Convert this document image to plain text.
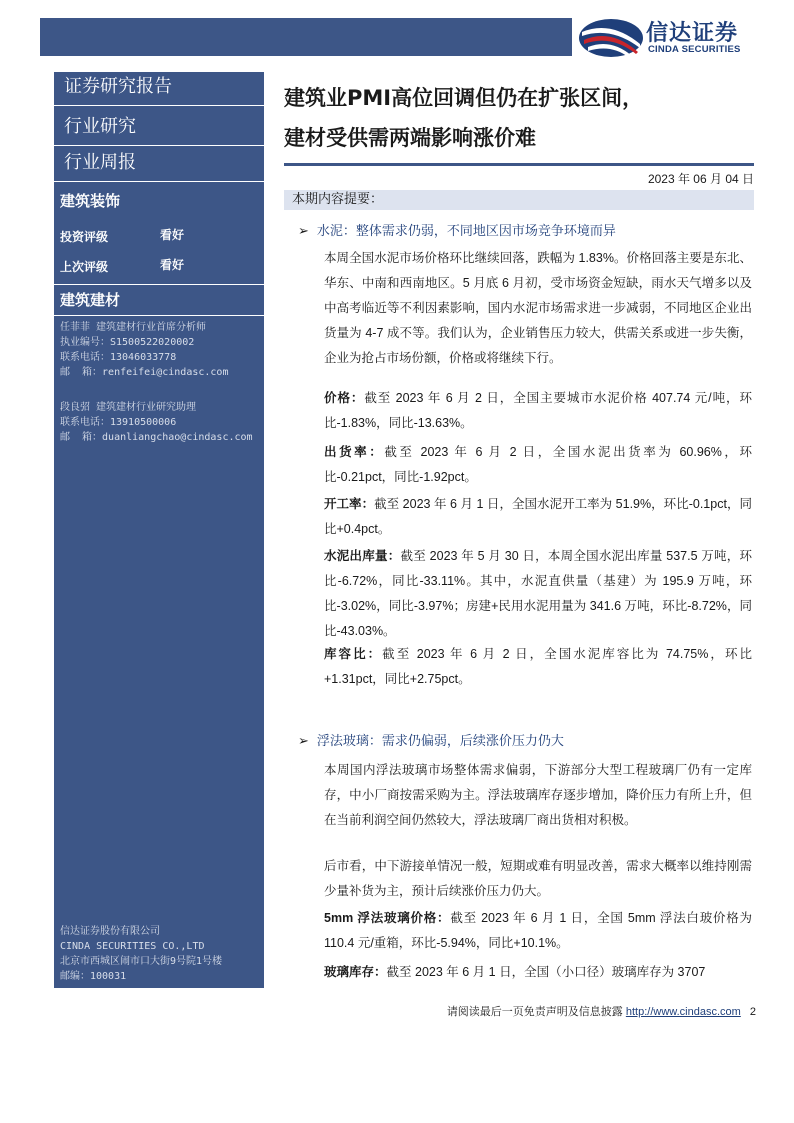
信达证券
CINDA SECURITIES
证券研究报告
行业研究
行业周报
建筑装饰
投资评级	看好
上次评级	看好
建筑建材
任菲菲 建筑建材行业首席分析师
执业编号：S1500522020002
联系电话：13046033778
邮  箱：renfeifei@cindasc.com
段良弨 建筑建材行业研究助理
联系电话：13910500006
邮  箱：duanliangchao@cindasc.com
信达证券股份有限公司
CINDA SECURITIES CO.,LTD
北京市西城区闹市口大街9号院1号楼
邮编：100031
建筑业PMI高位回调但仍在扩张区间，
建材受供需两端影响涨价难
2023 年 06 月 04 日
本期内容提要：
➢ 水泥：整体需求仍弱，不同地区因市场竞争环境而异
本周全国水泥市场价格环比继续回落，跌幅为 1.83%。价格回落主要是东北、华东、中南和西南地区。5 月底 6 月初，受市场资金短缺，雨水天气增多以及中高考临近等不利因素影响，国内水泥市场需求进一步减弱，不同地区企业出货量为 4-7 成不等。我们认为，企业销售压力较大，供需关系或进一步失衡，企业为抢占市场份额，价格或将继续下行。
价格：截至 2023 年 6 月 2 日，全国主要城市水泥价格 407.74 元/吨，环比-1.83%，同比-13.63%。
出货率：截至 2023 年 6 月 2 日，全国水泥出货率为 60.96%，环比-0.21pct，同比-1.92pct。
开工率：截至 2023 年 6 月 1 日，全国水泥开工率为 51.9%，环比-0.1pct，同比+0.4pct。
水泥出库量：截至 2023 年 5 月 30 日，本周全国水泥出库量 537.5 万吨，环比-6.72%，同比-33.11%。其中，水泥直供量（基建）为 195.9 万吨，环比-3.02%，同比-3.97%；房建+民用水泥用量为 341.6 万吨，环比-8.72%，同比-43.03%。
库容比：截至 2023 年 6 月 2 日，全国水泥库容比为 74.75%，环比+1.31pct，同比+2.75pct。
➢ 浮法玻璃：需求仍偏弱，后续涨价压力仍大
本周国内浮法玻璃市场整体需求偏弱，下游部分大型工程玻璃厂仍有一定库存，中小厂商按需采购为主。浮法玻璃库存逐步增加，降价压力有所上升，但在当前利润空间仍然较大，浮法玻璃厂商出货相对积极。
后市看，中下游接单情况一般，短期或难有明显改善，需求大概率以维持刚需少量补货为主，预计后续涨价压力仍大。
5mm 浮法玻璃价格：截至 2023 年 6 月 1 日，全国 5mm 浮法白玻价格为 110.4 元/重箱，环比-5.94%，同比+10.1%。
玻璃库存：截至 2023 年 6 月 1 日，全国（小口径）玻璃库存为 3707
请阅读最后一页免责声明及信息披露 http://www.cindasc.com 2
